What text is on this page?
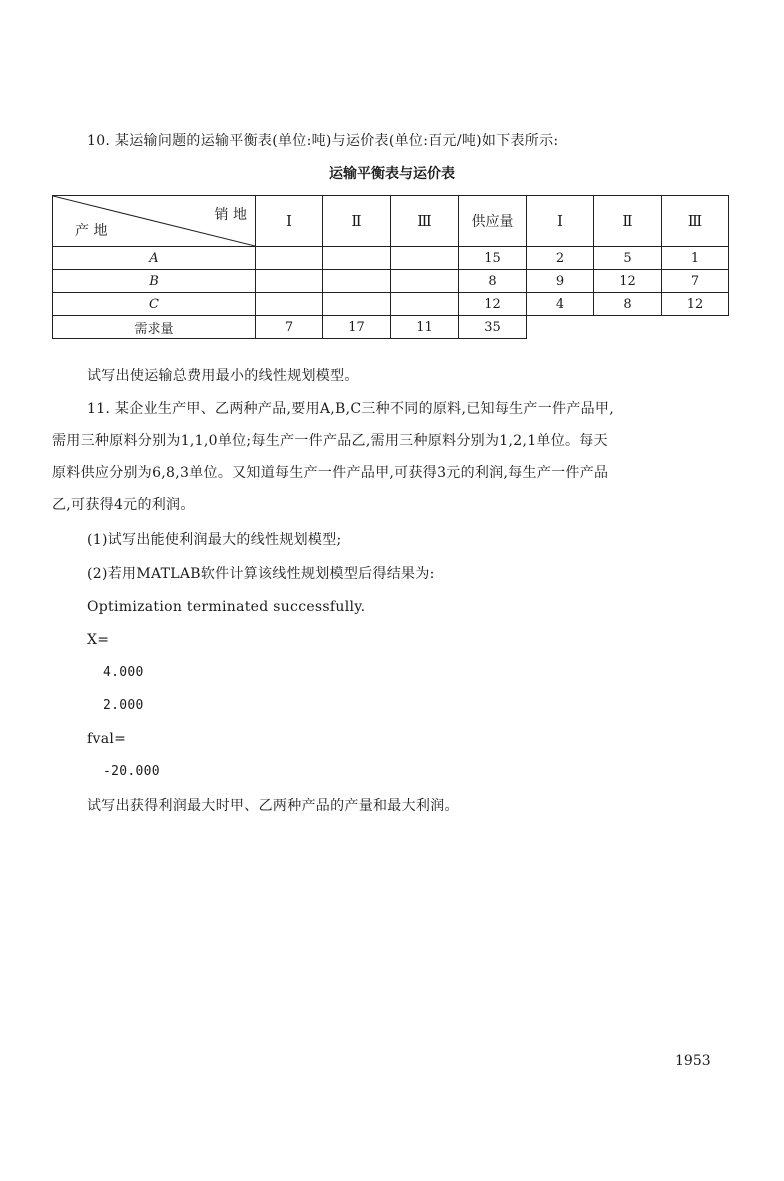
10. 某运输问题的运输平衡表(单位:吨)与运价表(单位:百元/吨)如下表所示:
运输平衡表与运价表
销 地
产 地	Ⅰ	Ⅱ	Ⅲ	供应量	Ⅰ	Ⅱ	Ⅲ
A				15	2	5	1
B				8	9	12	7
C				12	4	8	12
需求量	7	17	11	35			
试写出使运输总费用最小的线性规划模型。
11. 某企业生产甲、乙两种产品,要用A,B,C三种不同的原料,已知每生产一件产品甲,
需用三种原料分别为1,1,0单位;每生产一件产品乙,需用三种原料分别为1,2,1单位。每天
原料供应分别为6,8,3单位。又知道每生产一件产品甲,可获得3元的利润,每生产一件产品
乙,可获得4元的利润。
(1)试写出能使利润最大的线性规划模型;
(2)若用MATLAB软件计算该线性规划模型后得结果为:
Optimization terminated successfully.
X=
4.000
2.000
fval=
-20.000
试写出获得利润最大时甲、乙两种产品的产量和最大利润。
1953
